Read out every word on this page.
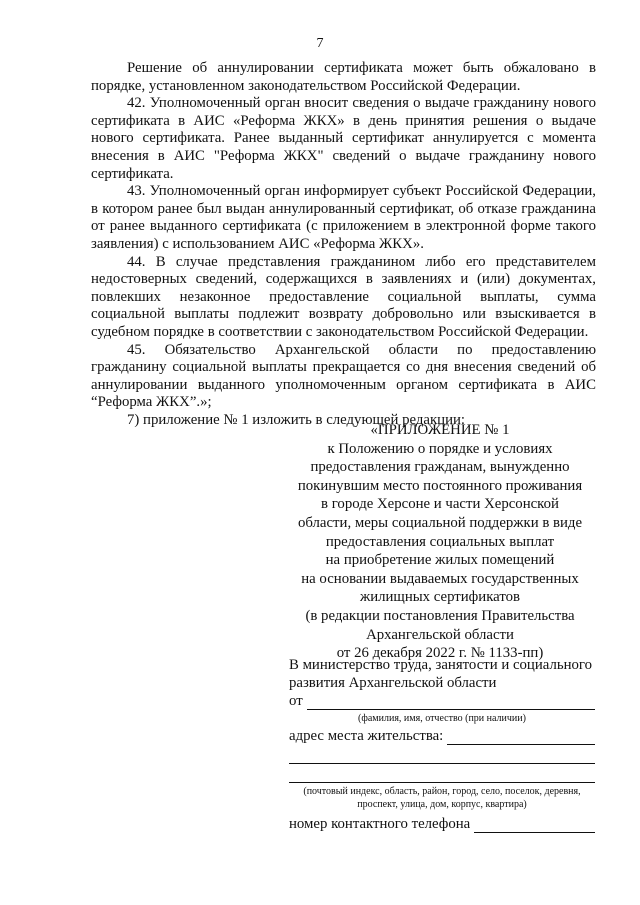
7

Решение об аннулировании сертификата может быть обжаловано в порядке, установленном законодательством Российской Федерации.

42. Уполномоченный орган вносит сведения о выдаче гражданину нового сертификата в АИС «Реформа ЖКХ» в день принятия решения о выдаче нового сертификата. Ранее выданный сертификат аннулируется с момента внесения в АИС "Реформа ЖКХ" сведений о выдаче гражданину нового сертификата.

43. Уполномоченный орган информирует субъект Российской Федерации, в котором ранее был выдан аннулированный сертификат, об отказе гражданина от ранее выданного сертификата (с приложением в электронной форме такого заявления) с использованием АИС «Реформа ЖКХ».

44. В случае представления гражданином либо его представителем недостоверных сведений, содержащихся в заявлениях и (или) документах, повлекших незаконное предоставление социальной выплаты, сумма социальной выплаты подлежит возврату добровольно или взыскивается в судебном порядке в соответствии с законодательством Российской Федерации.

45. Обязательство Архангельской области по предоставлению гражданину социальной выплаты прекращается со дня внесения сведений об аннулировании выданного уполномоченным органом сертификата в АИС “Реформа ЖКХ”.»;

7) приложение № 1 изложить в следующей редакции:

«ПРИЛОЖЕНИЕ № 1
к Положению о порядке и условиях
предоставления гражданам, вынужденно
покинувшим место постоянного проживания
в городе Херсоне и части Херсонской
области, меры социальной поддержки в виде
предоставления социальных выплат
на приобретение жилых помещений
на основании выдаваемых государственных
жилищных сертификатов
(в редакции постановления Правительства
Архангельской области
от 26 декабря 2022 г. № 1133-пп)
В министерство труда, занятости и социального
развития Архангельской области
от
(фамилия, имя, отчество (при наличии)
адрес места жительства:
(почтовый индекс, область, район, город, село, поселок, деревня,
проспект, улица, дом, корпус, квартира)
номер контактного телефона
